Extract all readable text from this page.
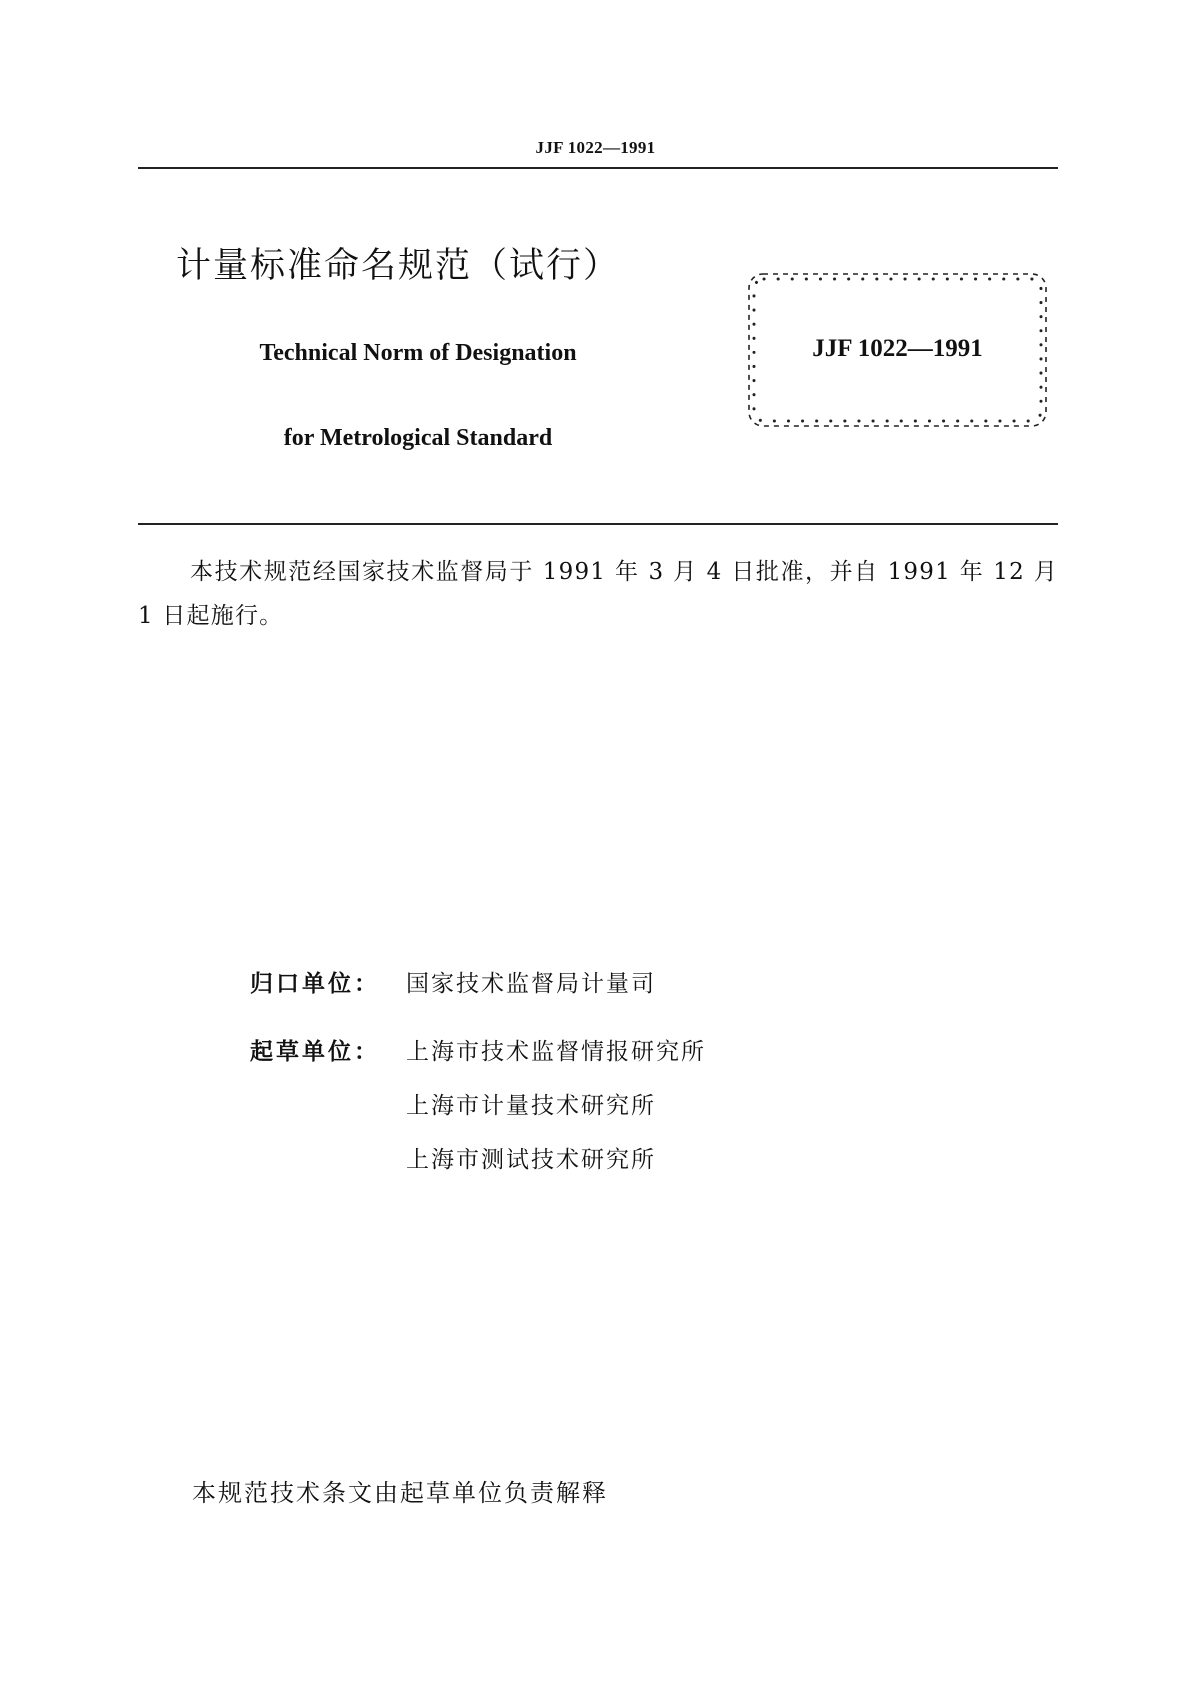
JJF 1022—1991
计量标准命名规范（试行）
Technical Norm of Designation
for Metrological Standard
JJF 1022—1991
本技术规范经国家技术监督局于 1991 年 3 月 4 日批准，并自 1991 年 12 月 1 日起施行。
归口单位： 国家技术监督局计量司
起草单位： 上海市技术监督情报研究所
上海市计量技术研究所
上海市测试技术研究所
本规范技术条文由起草单位负责解释
